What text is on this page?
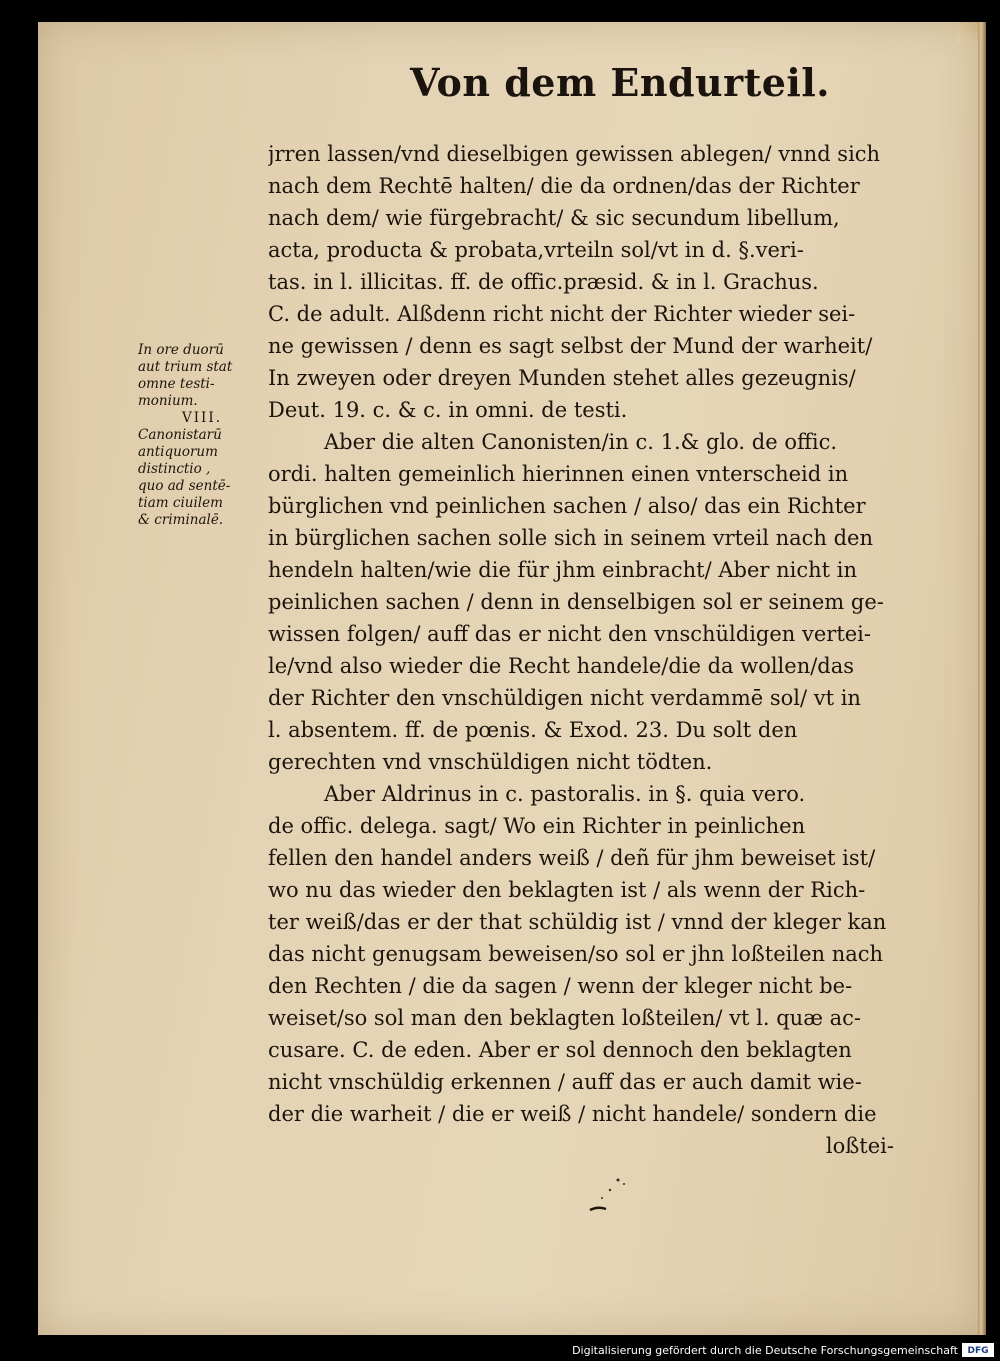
Von dem Endurteil.
jrren lassen/vnd dieselbigen gewissen ablegen/ vnnd sich
nach dem Rechtē halten/ die da ordnen/das der Richter
nach dem/ wie fürgebracht/ & sic secundum libellum,
acta, producta & probata,vrteiln sol/vt in d. §.veri-
tas. in l. illicitas. ff. de offic.præsid. & in l. Grachus.
C. de adult. Alßdenn richt nicht der Richter wieder sei-
ne gewissen / denn es sagt selbst der Mund der warheit/
In zweyen oder dreyen Munden stehet alles gezeugnis/
Deut. 19. c. & c. in omni. de testi.
Aber die alten Canonisten/in c. 1.& glo. de offic.
ordi. halten gemeinlich hierinnen einen vnterscheid in
bürglichen vnd peinlichen sachen / also/ das ein Richter
in bürglichen sachen solle sich in seinem vrteil nach den
hendeln halten/wie die für jhm einbracht/ Aber nicht in
peinlichen sachen / denn in denselbigen sol er seinem ge-
wissen folgen/ auff das er nicht den vnschüldigen vertei-
le/vnd also wieder die Recht handele/die da wollen/das
der Richter den vnschüldigen nicht verdammē sol/ vt in
l. absentem. ff. de pœnis. & Exod. 23. Du solt den
gerechten vnd vnschüldigen nicht tödten.
Aber Aldrinus in c. pastoralis. in §. quia vero.
de offic. delega. sagt/ Wo ein Richter in peinlichen
fellen den handel anders weiß / deñ für jhm beweiset ist/
wo nu das wieder den beklagten ist / als wenn der Rich-
ter weiß/das er der that schüldig ist / vnnd der kleger kan
das nicht genugsam beweisen/so sol er jhn loßteilen nach
den Rechten / die da sagen / wenn der kleger nicht be-
weiset/so sol man den beklagten loßteilen/ vt l. quæ ac-
cusare. C. de eden. Aber er sol dennoch den beklagten
nicht vnschüldig erkennen / auff das er auch damit wie-
der die warheit / die er weiß / nicht handele/ sondern die
loßtei-
In ore duorū
aut trium stat
omne testi-
monium.
VIII.
Canonistarū
antiquorum
distinctio ,
quo ad sentē-
tiam ciuilem
& criminalē.
Digitalisierung gefördert durch die Deutsche Forschungsgemeinschaft	DFG
